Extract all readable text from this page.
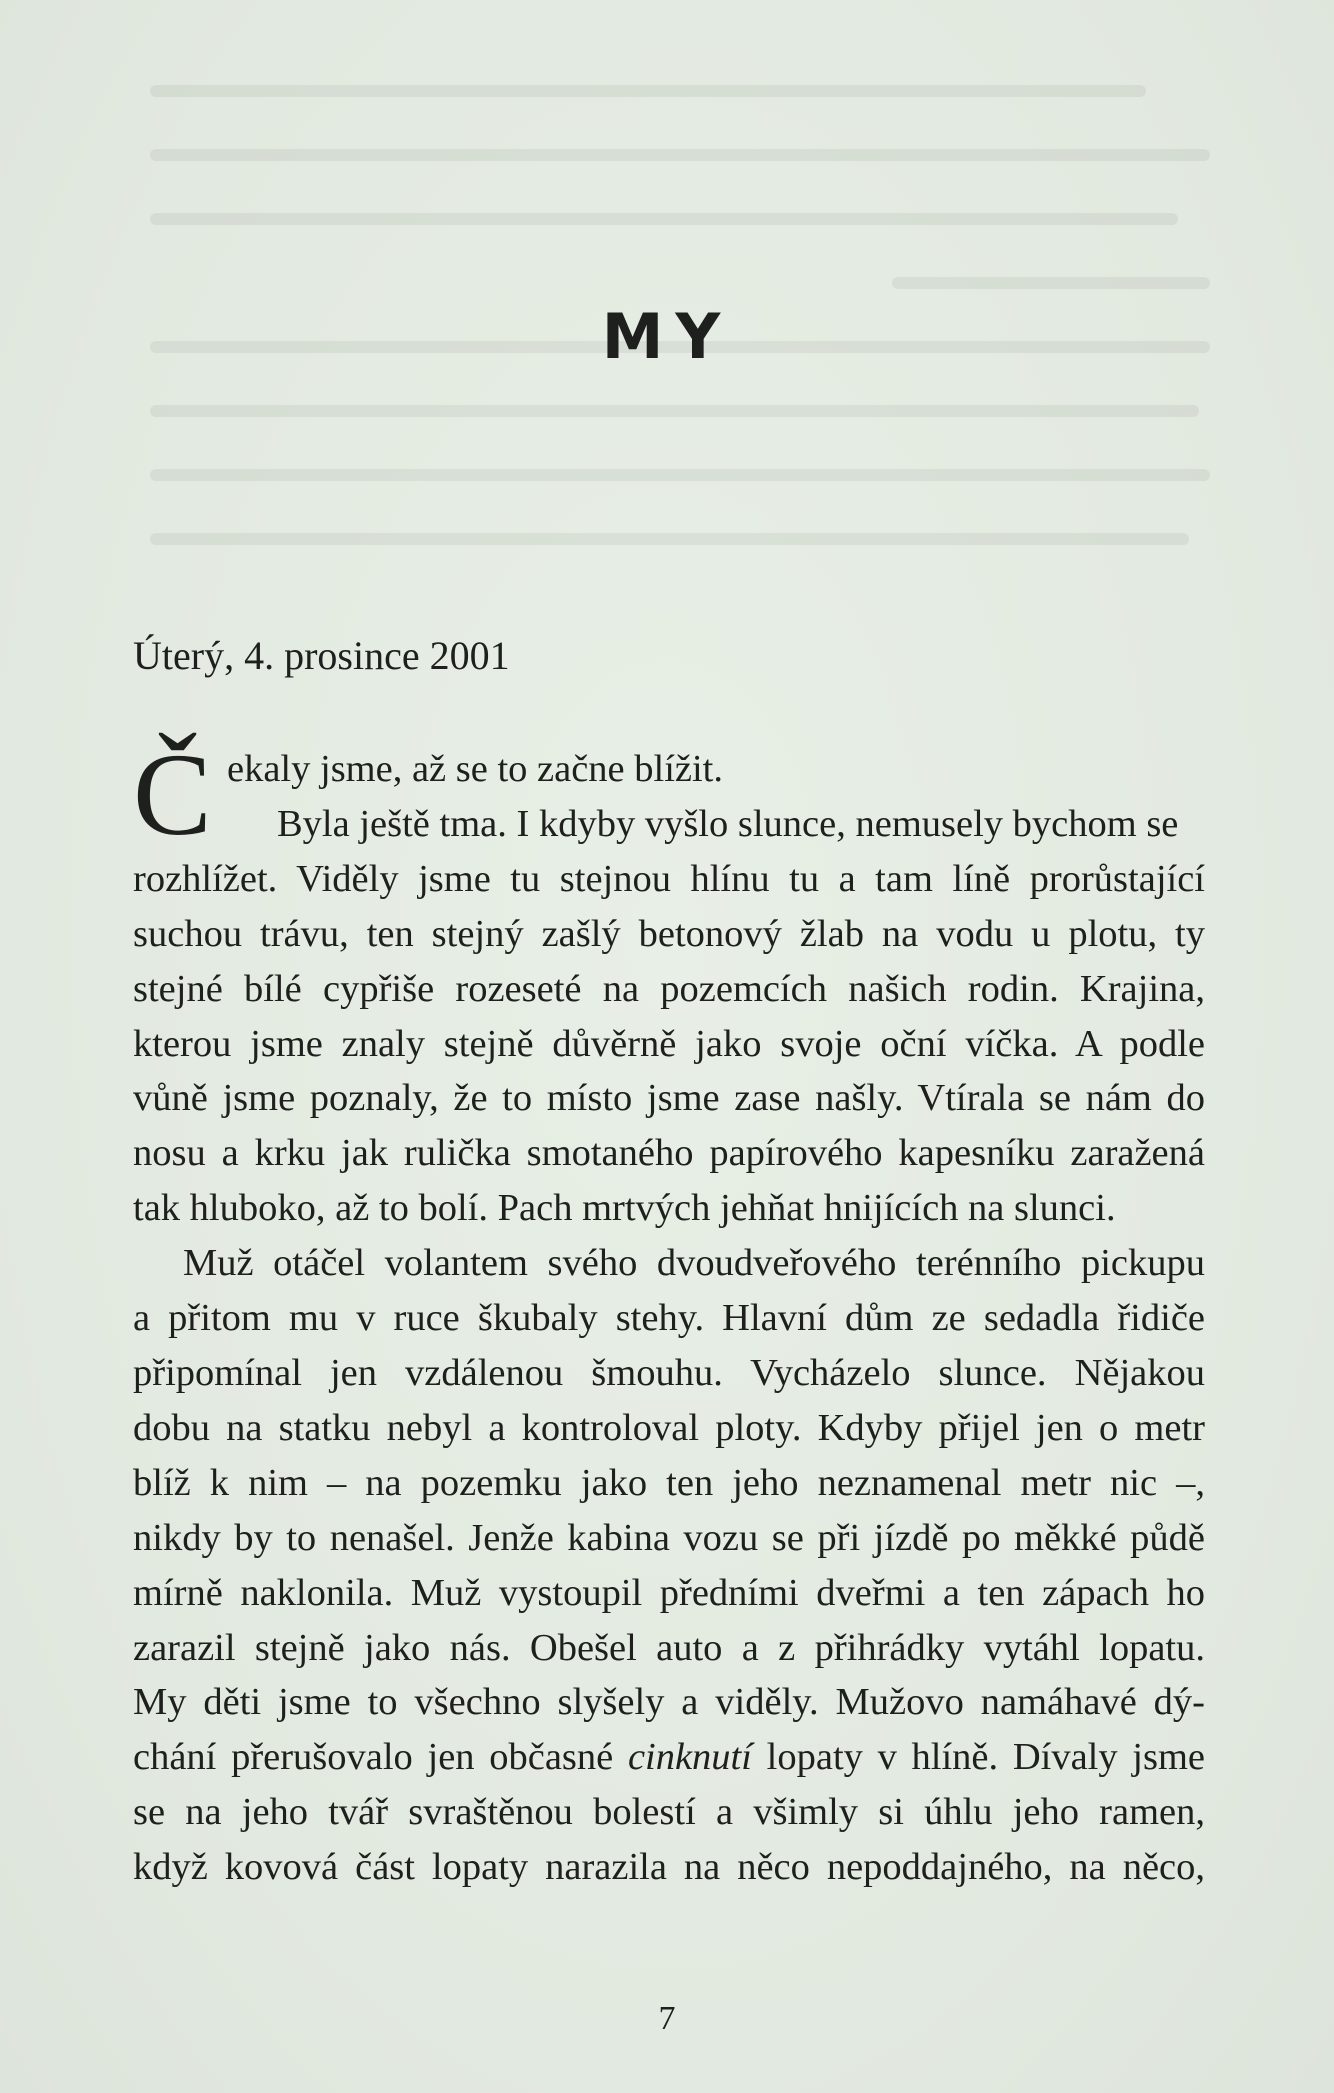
MY

Úterý, 4. prosince 2001

Č ekaly jsme, až se to začne blížit.
Byla ještě tma. I kdyby vyšlo slunce, nemusely bychom se
rozhlížet. Viděly jsme tu stejnou hlínu tu a tam líně prorůstající
suchou trávu, ten stejný zašlý betonový žlab na vodu u plotu, ty
stejné bílé cypřiše rozeseté na pozemcích našich rodin. Krajina,
kterou jsme znaly stejně důvěrně jako svoje oční víčka. A podle
vůně jsme poznaly, že to místo jsme zase našly. Vtírala se nám do
nosu a krku jak rulička smotaného papírového kapesníku zaražená
tak hluboko, až to bolí. Pach mrtvých jehňat hnijících na slunci.
Muž otáčel volantem svého dvoudveřového terénního pickupu
a přitom mu v ruce škubaly stehy. Hlavní dům ze sedadla řidiče
připomínal jen vzdálenou šmouhu. Vycházelo slunce. Nějakou
dobu na statku nebyl a kontroloval ploty. Kdyby přijel jen o metr
blíž k nim – na pozemku jako ten jeho neznamenal metr nic –,
nikdy by to nenašel. Jenže kabina vozu se při jízdě po měkké půdě
mírně naklonila. Muž vystoupil předními dveřmi a ten zápach ho
zarazil stejně jako nás. Obešel auto a z přihrádky vytáhl lopatu.
My děti jsme to všechno slyšely a viděly. Mužovo namáhavé dý-
chání přerušovalo jen občasné cinknutí lopaty v hlíně. Dívaly jsme
se na jeho tvář svraštěnou bolestí a všimly si úhlu jeho ramen,
když kovová část lopaty narazila na něco nepoddajného, na něco,

7
